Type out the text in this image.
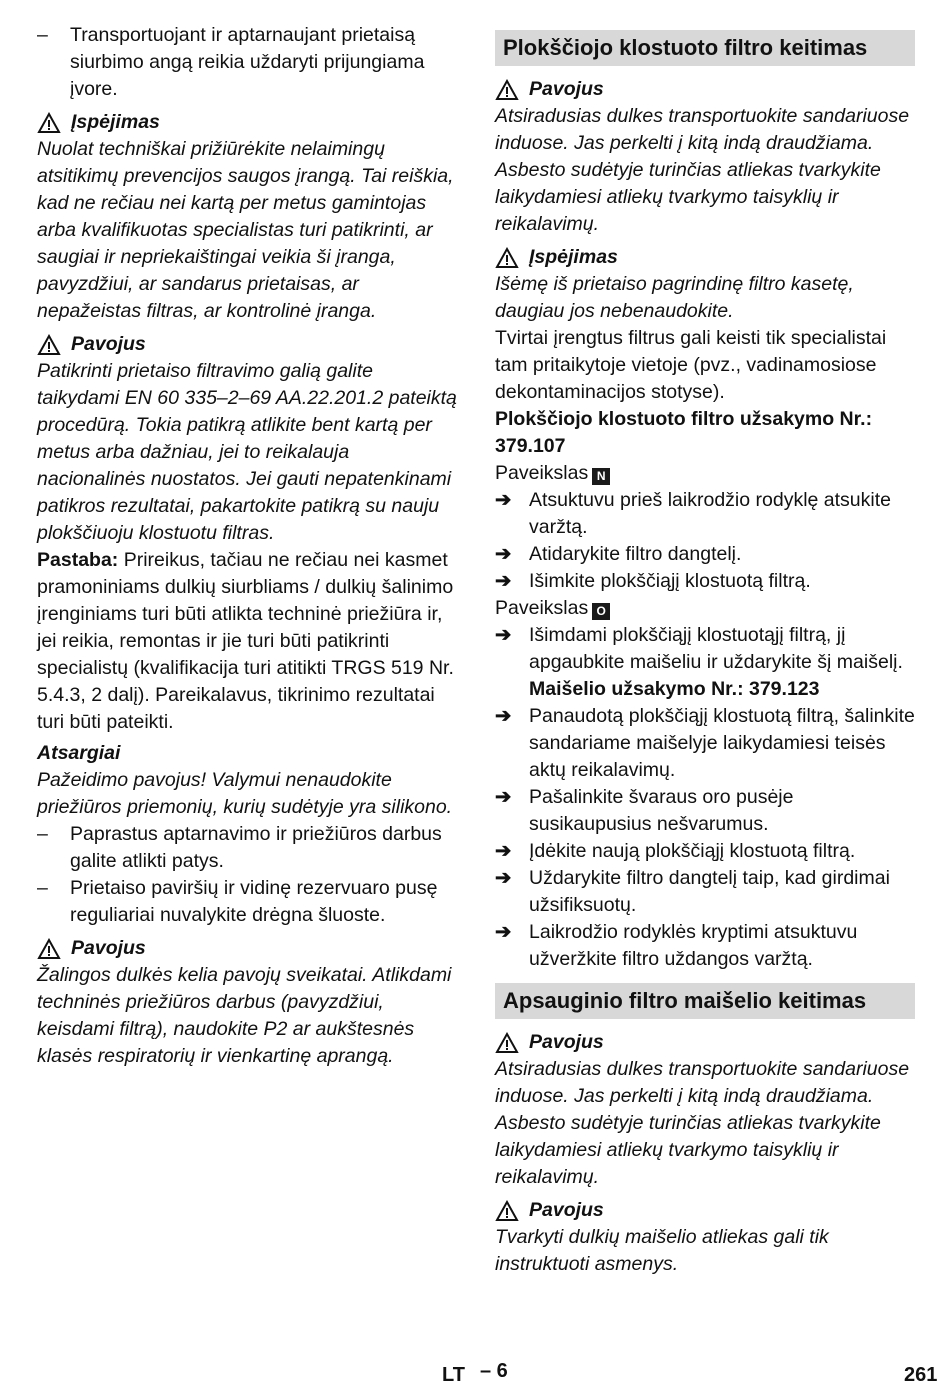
–	Transportuojant ir aptarnaujant prietaisą siurbimo angą reikia uždaryti prijungiama įvore.
Įspėjimas

Nuolat techniškai prižiūrėkite nelaimingų atsitikimų prevencijos saugos įrangą. Tai reiškia, kad ne rečiau nei kartą per metus gamintojas arba kvalifikuotas specialistas turi patikrinti, ar saugiai ir nepriekaištingai veikia ši įranga, pavyzdžiui, ar sandarus prietaisas, ar nepažeistas filtras, ar kontrolinė įranga.

Pavojus

Patikrinti prietaiso filtravimo galią galite taikydami EN 60 335–2–69 AA.22.201.2 pateiktą procedūrą. Tokia patikrą atlikite bent kartą per metus arba dažniau, jei to reikalauja nacionalinės nuostatos. Jei gauti nepatenkinami patikros rezultatai, pakartokite patikrą su nauju plokščiuoju klostuotu filtras.

Pastaba: Prireikus, tačiau ne rečiau nei kasmet pramoniniams dulkių siurbliams / dulkių šalinimo įrenginiams turi būti atlikta techninė priežiūra ir, jei reikia, remontas ir jie turi būti patikrinti specialistų (kvalifikacija turi atitikti TRGS 519 Nr. 5.4.3, 2 dalį). Pareikalavus, tikrinimo rezultatai turi būti pateikti.

Atsargiai

Pažeidimo pavojus! Valymui nenaudokite priežiūros priemonių, kurių sudėtyje yra silikono.

–	Paprastus aptarnavimo ir priežiūros darbus galite atlikti patys.
–	Prietaiso paviršių ir vidinę rezervuaro pusę reguliariai nuvalykite drėgna šluoste.
Pavojus

Žalingos dulkės kelia pavojų sveikatai. Atlikdami techninės priežiūros darbus (pavyzdžiui, keisdami filtrą), naudokite P2 ar aukštesnės klasės respiratorių ir vienkartinę aprangą.

Plokščiojo klostuoto filtro keitimas
Pavojus

Atsiradusias dulkes transportuokite sandariuose induose. Jas perkelti į kitą indą draudžiama. Asbesto sudėtyje turinčias atliekas tvarkykite laikydamiesi atliekų tvarkymo taisyklių ir reikalavimų.

Įspėjimas

Išėmę iš prietaiso pagrindinę filtro kasetę, daugiau jos nebenaudokite.

Tvirtai įrengtus filtrus gali keisti tik specialistai tam pritaikytoje vietoje (pvz., vadinamosiose dekontaminacijos stotyse).

Plokščiojo klostuoto filtro užsakymo Nr.: 379.107

Paveikslas N

➔ Atsuktuvu prieš laikrodžio rodyklę atsukite varžtą.
➔ Atidarykite filtro dangtelį.
➔ Išimkite plokščiąjį klostuotą filtrą.

Paveikslas O

➔ Išimdami plokščiąjį klostuotąjį filtrą, jį apgaubkite maišeliu ir uždarykite šį maišelį.

Maišelio užsakymo Nr.: 379.123

➔ Panaudotą plokščiąjį klostuotą filtrą, šalinkite sandariame maišelyje laikydamiesi teisės aktų reikalavimų.
➔ Pašalinkite švaraus oro pusėje susikaupusius nešvarumus.
➔ Įdėkite naują plokščiąjį klostuotą filtrą.
➔ Uždarykite filtro dangtelį taip, kad girdimai užsifiksuotų.
➔ Laikrodžio rodyklės kryptimi atsuktuvu užveržkite filtro uždangos varžtą.
Apsauginio filtro maišelio keitimas
Pavojus

Atsiradusias dulkes transportuokite sandariuose induose. Jas perkelti į kitą indą draudžiama. Asbesto sudėtyje turinčias atliekas tvarkykite laikydamiesi atliekų tvarkymo taisyklių ir reikalavimų.

Pavojus

Tvarkyti dulkių maišelio atliekas gali tik instruktuoti asmenys.

LT – 6	261
